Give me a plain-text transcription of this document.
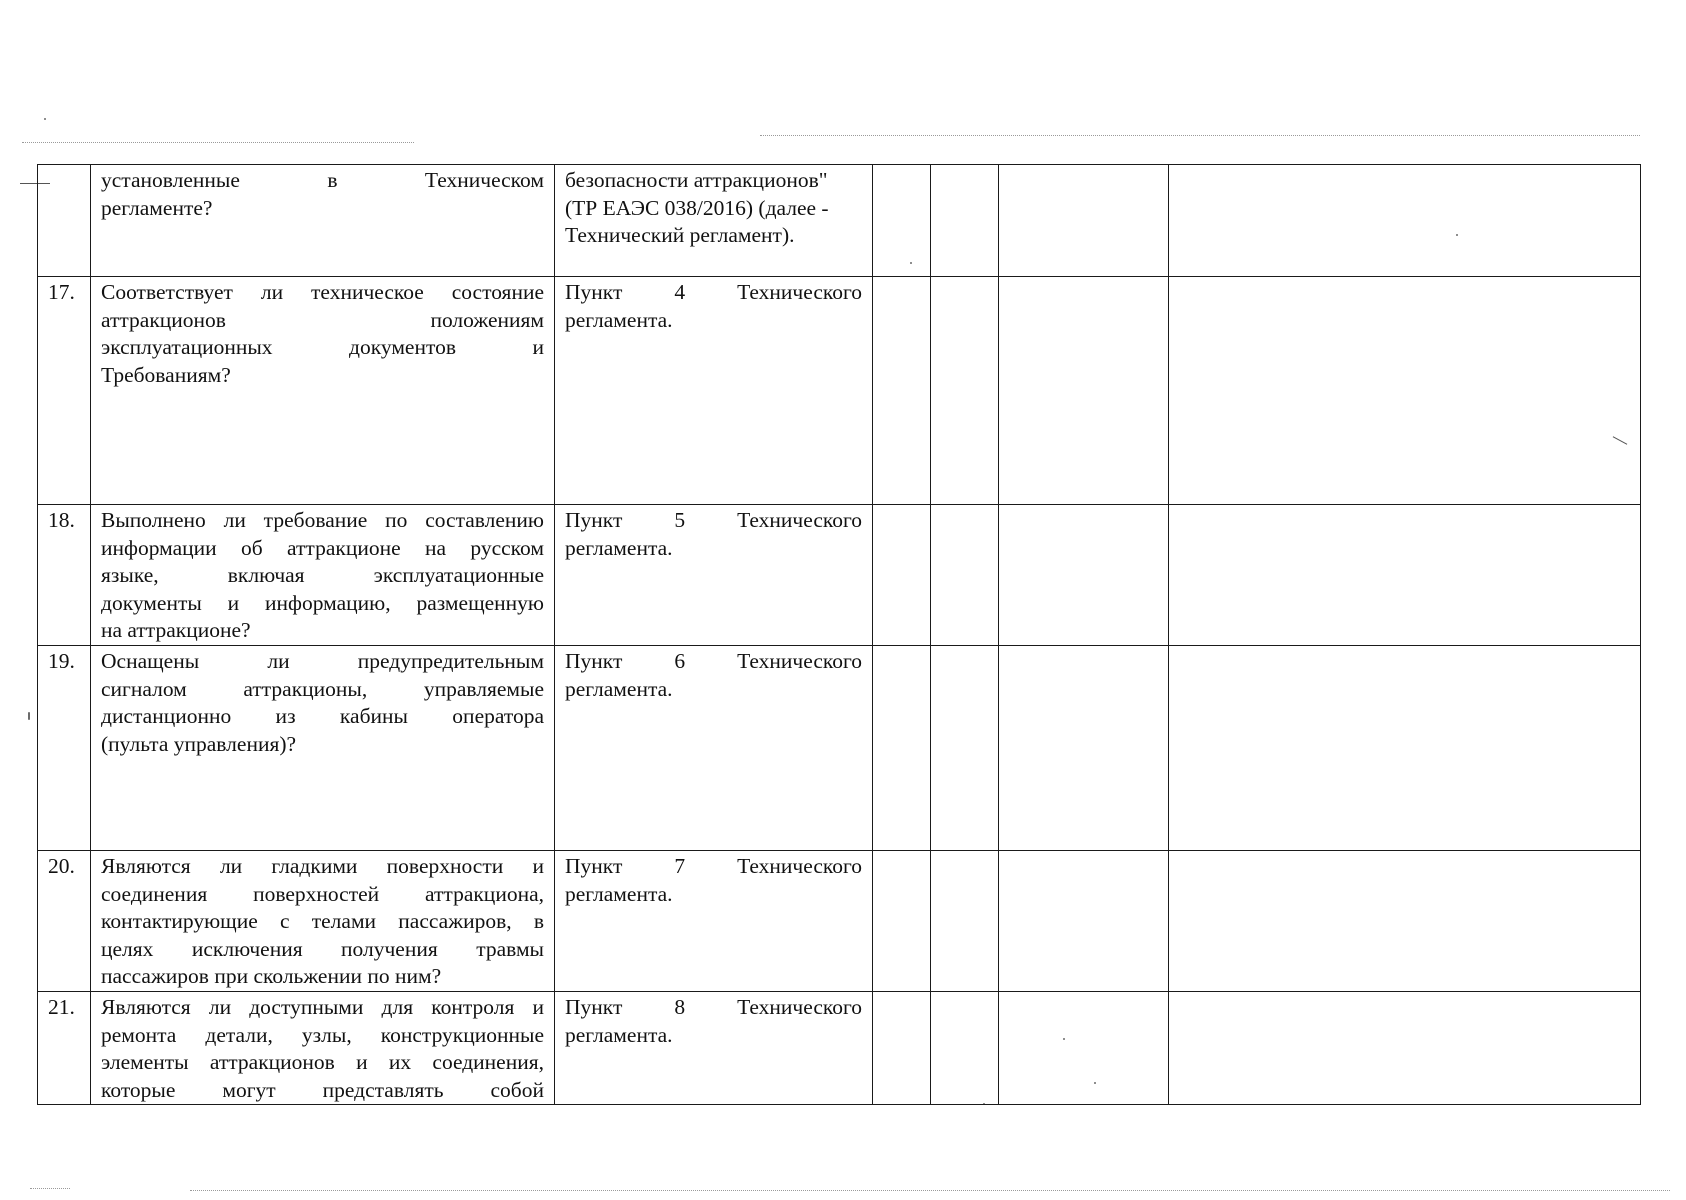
	установленные в Техническом
регламенте?	безопасности аттракционов"
(ТР ЕАЭС 038/2016) (далее -
Технический регламент).				

17.	Соответствует ли техническое состояние
аттракционов положениям
эксплуатационных документов и
Требованиям?	Пункт 4 Технического
регламента.				

18.	Выполнено ли требование по составлению
информации об аттракционе на русском
языке, включая эксплуатационные
документы и информацию, размещенную
на аттракционе?	Пункт 5 Технического
регламента.				

19.	Оснащены ли предупредительным
сигналом аттракционы, управляемые
дистанционно из кабины оператора
(пульта управления)?	Пункт 6 Технического
регламента.				

20.	Являются ли гладкими поверхности и
соединения поверхностей аттракциона,
контактирующие с телами пассажиров, в
целях исключения получения травмы
пассажиров при скольжении по ним?	Пункт 7 Технического
регламента.				

21.	Являются ли доступными для контроля и
ремонта детали, узлы, конструкционные
элементы аттракционов и их соединения,
которые могут представлять собой	Пункт 8 Технического
регламента.				
